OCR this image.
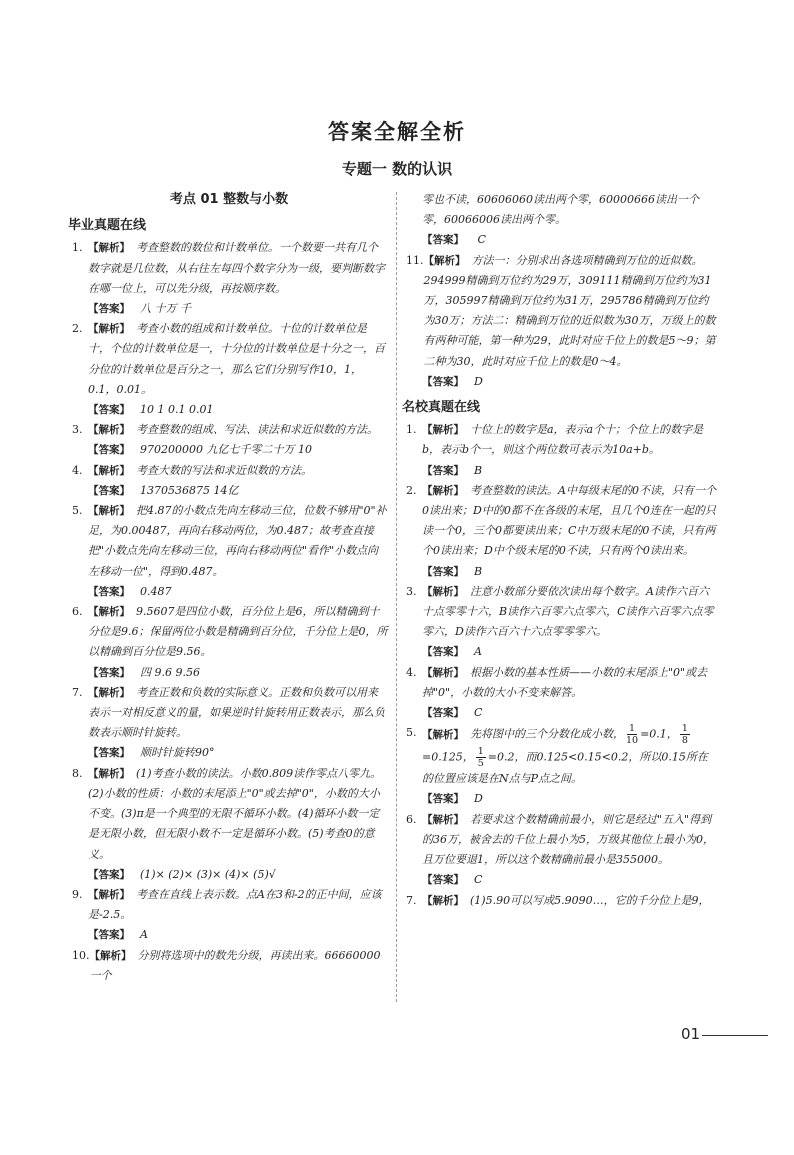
答案全解全析
专题一 数的认识
考点 01 整数与小数
毕业真题在线
1. 【解析】 考查整数的数位和计数单位。一个数要一共有几个数字就是几位数，从右往左每四个数字分为一级，要判断数字在哪一位上，可以先分级，再按顺序数。
【答案】 八 十万 千
2. 【解析】 考查小数的组成和计数单位。十位的计数单位是十，个位的计数单位是一，十分位的计数单位是十分之一，百分位的计数单位是百分之一，那么它们分别写作10，1，0.1，0.01。
【答案】 10 1 0.1 0.01
3. 【解析】 考查整数的组成、写法、读法和求近似数的方法。
【答案】 970200000 九亿七千零二十万 10
4. 【解析】 考查大数的写法和求近似数的方法。
【答案】 1370536875 14亿
5. 【解析】 把4.87的小数点先向左移动三位，位数不够用"0"补足，为0.00487，再向右移动两位，为0.487；故考查直接把"小数点先向左移动三位，再向右移动两位"看作"小数点向左移动一位"，得到0.487。
【答案】 0.487
6. 【解析】 9.5607是四位小数，百分位上是6，所以精确到十分位是9.6；保留两位小数是精确到百分位，千分位上是0，所以精确到百分位是9.56。
【答案】 四 9.6 9.56
7. 【解析】 考查正数和负数的实际意义。正数和负数可以用来表示一对相反意义的量，如果逆时针旋转用正数表示，那么负数表示顺时针旋转。
【答案】 顺时针旋转90°
8. 【解析】 (1)考查小数的读法。小数0.809读作零点八零九。(2)小数的性质：小数的末尾添上"0"或去掉"0"，小数的大小不变。(3)π是一个典型的无限不循环小数。(4)循环小数一定是无限小数，但无限小数不一定是循环小数。(5)考查0的意义。
【答案】 (1)× (2)× (3)× (4)× (5)√
9. 【解析】 考查在直线上表示数。点A在3和-2的正中间，应该是-2.5。
【答案】 A
10. 【解析】 分别将选项中的数先分级，再读出来。66660000 一个
零也不读，60606060读出两个零，60000666读出一个零，60066006读出两个零。
【答案】 C
11. 【解析】 方法一：分别求出各选项精确到万位的近似数。294999精确到万位约为29万，309111精确到万位约为31万，305997精确到万位约为31万，295786精确到万位约为30万；方法二：精确到万位的近似数为30万，万级上的数有两种可能，第一种为29，此时对应千位上的数是5～9；第二种为30，此时对应千位上的数是0～4。
【答案】 D
名校真题在线
1. 【解析】 十位上的数字是a，表示a个十；个位上的数字是b，表示b个一，则这个两位数可表示为10a+b。
【答案】 B
2. 【解析】 考查整数的读法。A中每级末尾的0不读，只有一个0读出来；D中的0都不在各级的末尾，且几个0连在一起的只读一个0，三个0都要读出来；C中万级末尾的0不读，只有两个0读出来；D中个级末尾的0不读，只有两个0读出来。
【答案】 B
3. 【解析】 注意小数部分要依次读出每个数字。A读作六百六十点零零十六，B读作六百零六点零六，C读作六百零六点零零六，D读作六百六十六点零零零六。
【答案】 A
4. 【解析】 根据小数的基本性质——小数的末尾添上"0"或去掉"0"，小数的大小不变来解答。
【答案】 C
5. 【解析】 先将图中的三个分数化成小数， $\frac{1}{10} =0.1$， $\frac{1}{8}$
=0.125， $\frac{1}{5} =0.2$，而0.125<0.15<0.2，所以0.15所在的位置应该是在N点与P点之间。
【答案】 D
6. 【解析】 若要求这个数精确前最小，则它是经过"五入"得到的36万，被舍去的千位上最小为5，万级其他位上最小为0，且万位要退1，所以这个数精确前最小是355000。
【答案】 C
7. 【解析】 (1)5.90可以写成5.9090…，它的千分位上是9，
01
